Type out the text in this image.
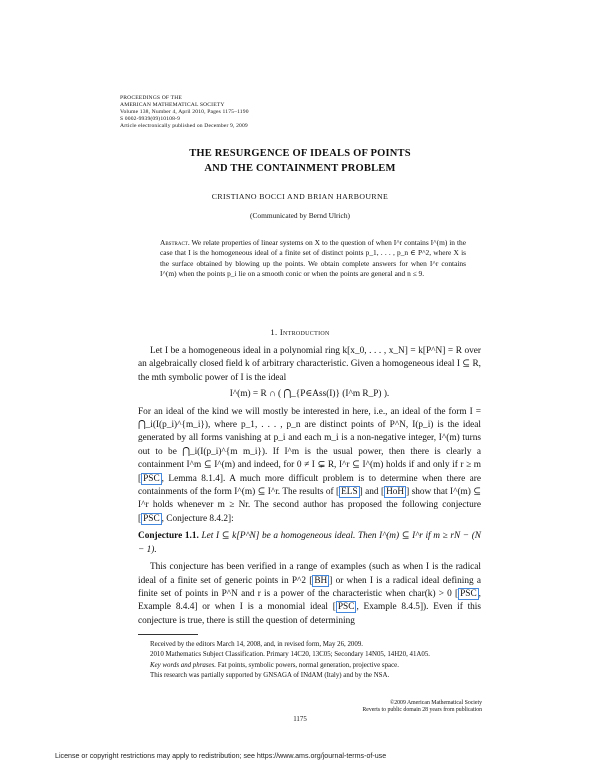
PROCEEDINGS OF THE
AMERICAN MATHEMATICAL SOCIETY
Volume 138, Number 4, April 2010, Pages 1175–1190
S 0002-9939(09)10108-9
Article electronically published on December 9, 2009
THE RESURGENCE OF IDEALS OF POINTS
AND THE CONTAINMENT PROBLEM
CRISTIANO BOCCI AND BRIAN HARBOURNE
(Communicated by Bernd Ulrich)
Abstract. We relate properties of linear systems on X to the question of when I^r contains I^(m) in the case that I is the homogeneous ideal of a finite set of distinct points p_1, . . . , p_n ∈ P^2, where X is the surface obtained by blowing up the points. We obtain complete answers for when I^r contains I^(m) when the points p_i lie on a smooth conic or when the points are general and n ≤ 9.
1. Introduction

Let I be a homogeneous ideal in a polynomial ring k[x_0, . . . , x_N] = k[P^N] = R over an algebraically closed field k of arbitrary characteristic. Given a homogeneous ideal I ⊆ R, the mth symbolic power of I is the ideal

I^(m) = R ∩ ( ⋂_{P∈Ass(I)} (I^m R_P) ).

For an ideal of the kind we will mostly be interested in here, i.e., an ideal of the form I = ⋂_i(I(p_i)^{m_i}), where p_1, . . . , p_n are distinct points of P^N, I(p_i) is the ideal generated by all forms vanishing at p_i and each m_i is a non-negative integer, I^(m) turns out to be ⋂_i(I(p_i)^{m m_i}). If I^m is the usual power, then there is clearly a containment I^m ⊆ I^(m) and indeed, for 0 ≠ I ⊊ R, I^r ⊆ I^(m) holds if and only if r ≥ m [ PSC , Lemma 8.1.4]. A much more difficult problem is to determine when there are containments of the form I^(m) ⊆ I^r. The results of [ ELS ] and [ HoH ] show that I^(m) ⊆ I^r holds whenever m ≥ Nr. The second author has proposed the following conjecture [ PSC , Conjecture 8.4.2]:

Conjecture 1.1. Let I ⊆ k[P^N] be a homogeneous ideal. Then I^(m) ⊆ I^r if m ≥ rN − (N − 1).

This conjecture has been verified in a range of examples (such as when I is the radical ideal of a finite set of generic points in P^2 [ BH ] or when I is a radical ideal defining a finite set of points in P^N and r is a power of the characteristic when char(k) > 0 [ PSC , Example 8.4.4] or when I is a monomial ideal [ PSC , Example 8.4.5]). Even if this conjecture is true, there is still the question of determining

Received by the editors March 14, 2008, and, in revised form, May 26, 2009.
2010 Mathematics Subject Classification. Primary 14C20, 13C05; Secondary 14N05, 14H20, 41A05.
Key words and phrases. Fat points, symbolic powers, normal generation, projective space.
This research was partially supported by GNSAGA of INdAM (Italy) and by the NSA.
©2009 American Mathematical Society
Reverts to public domain 28 years from publication
1175
License or copyright restrictions may apply to redistribution; see https://www.ams.org/journal-terms-of-use
